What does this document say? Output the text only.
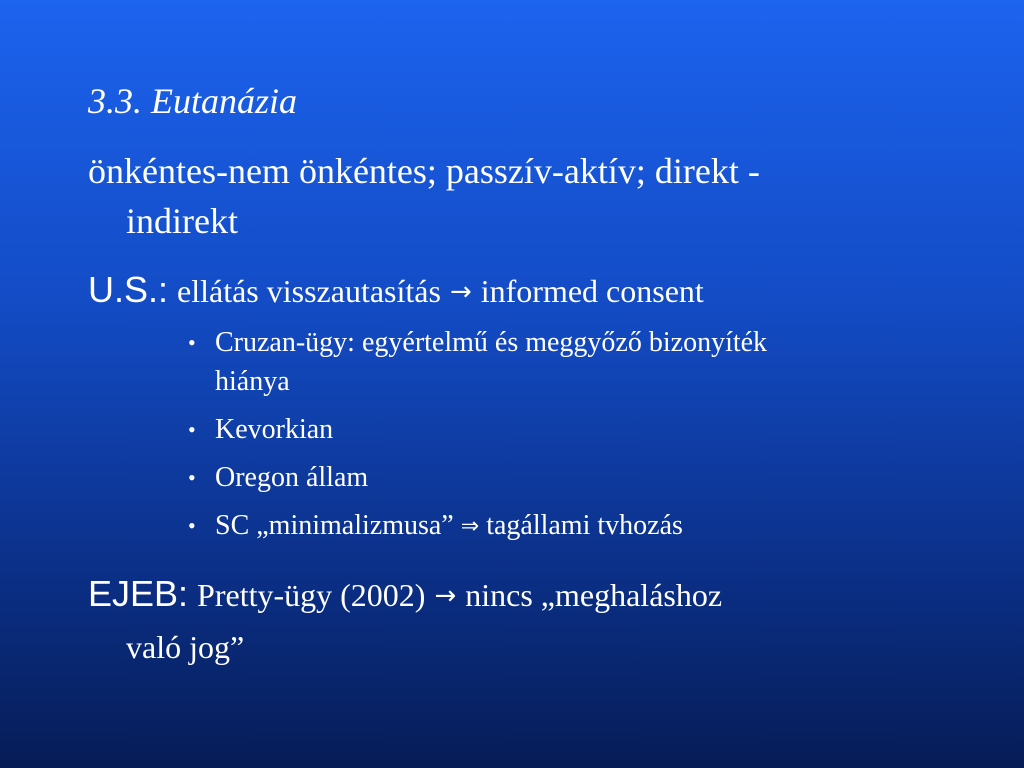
3.3. Eutanázia

önkéntes-nem önkéntes; passzív-aktív; direkt -
indirekt

U.S.: ellátás visszautasítás → informed consent

• Cruzan-ügy: egyértelmű és meggyőző bizonyíték
hiánya
• Kevorkian
• Oregon állam
• SC „minimalizmusa” ⇒ tagállami tvhozás

EJEB: Pretty-ügy (2002) → nincs „meghaláshoz
való jog”
